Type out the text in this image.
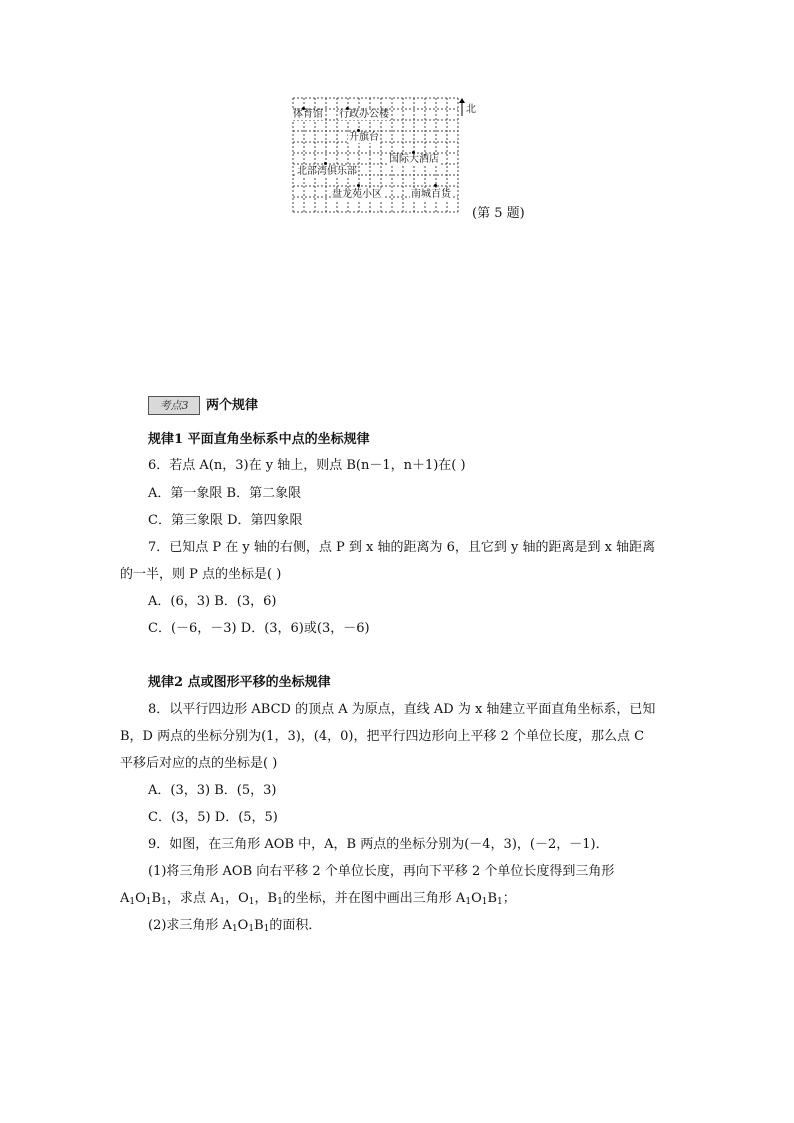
体育馆 行政办公楼
升旗台
国际大酒店
北部湾俱乐部
盘龙苑小区	南城百货
北
(第 5 题)
考点3	两个规律
规律1 平面直角坐标系中点的坐标规律
6．若点 A(n，3)在 y 轴上，则点 B(n－1，n＋1)在( )
A．第一象限 B．第二象限
C．第三象限 D．第四象限
7．已知点 P 在 y 轴的右侧，点 P 到 x 轴的距离为 6，且它到 y 轴的距离是到 x 轴距离
的一半，则 P 点的坐标是( )
A．(6，3) B．(3，6)
C．(－6，－3) D．(3，6)或(3，－6)
规律2 点或图形平移的坐标规律
8．以平行四边形 ABCD 的顶点 A 为原点，直线 AD 为 x 轴建立平面直角坐标系，已知
B，D 两点的坐标分别为(1，3)，(4，0)，把平行四边形向上平移 2 个单位长度，那么点 C
平移后对应的点的坐标是( )
A．(3，3) B．(5，3)
C．(3，5) D．(5，5)
9．如图，在三角形 AOB 中，A，B 两点的坐标分别为(－4，3)，(－2，－1)．
(1)将三角形 AOB 向右平移 2 个单位长度，再向下平移 2 个单位长度得到三角形
$A_1O_1B_1$，求点 $A_1$，$O_1$，$B_1$的坐标，并在图中画出三角形 $A_1O_1B_1$；
(2)求三角形 $A_1O_1B_1$的面积．
